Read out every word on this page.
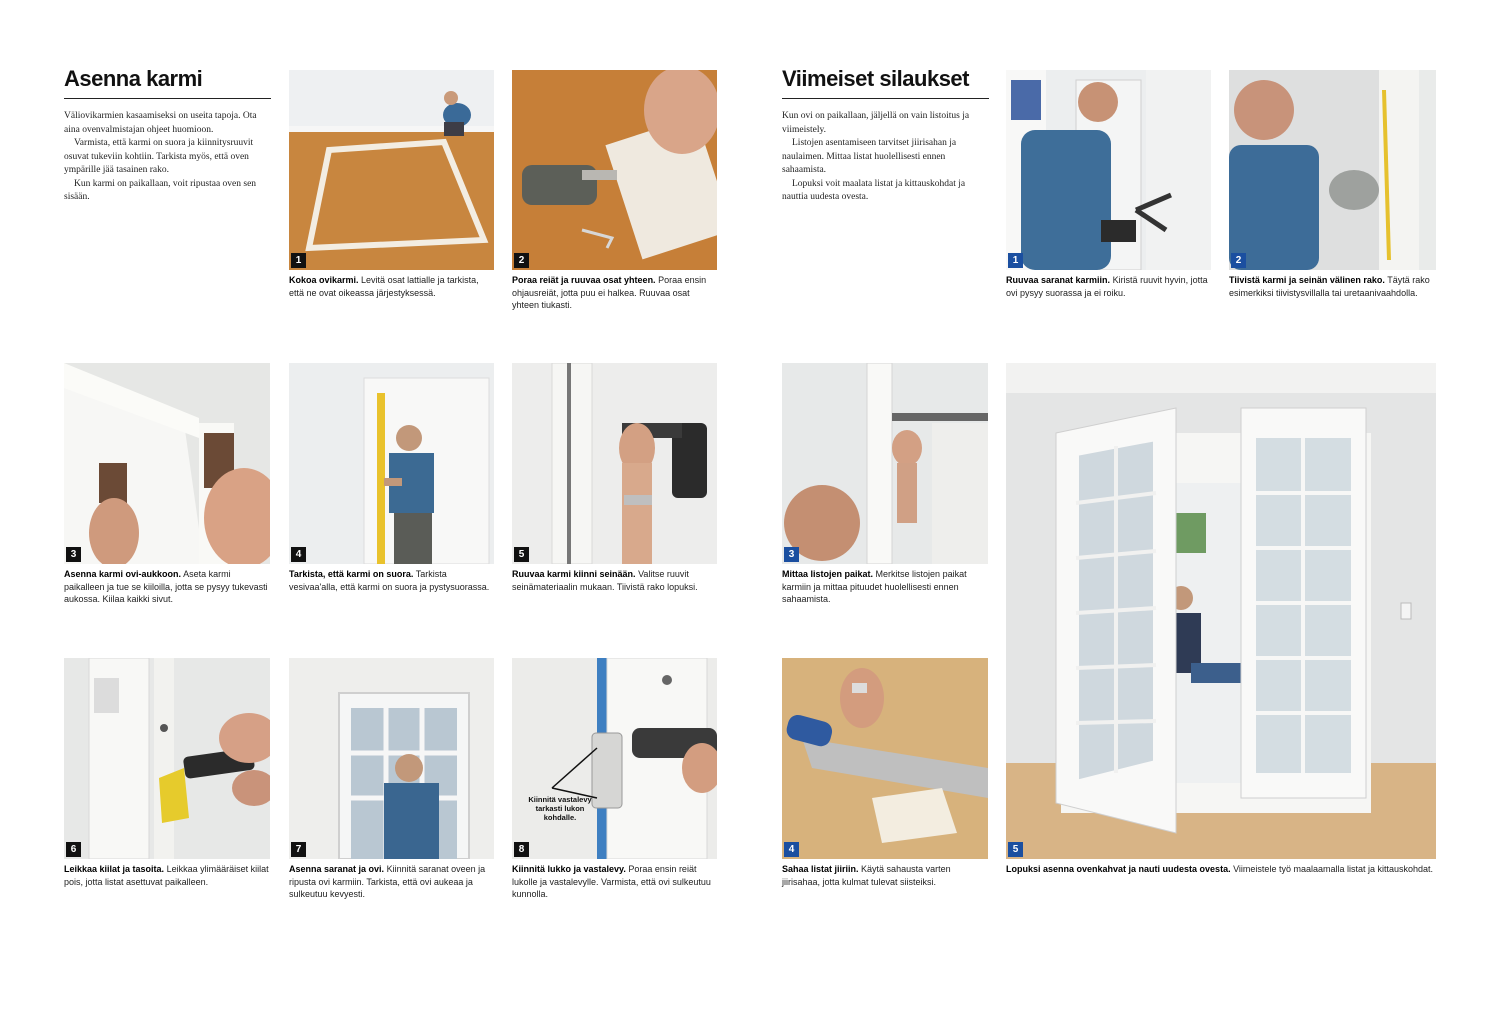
Asenna karmi

Väliovikarmien kasaamiseksi on useita tapoja. Ota aina ovenvalmistajan ohjeet huomioon.

Varmista, että karmi on suora ja kiinnitysruuvit osuvat tukeviin kohtiin. Tarkista myös, että oven ympärille jää tasainen rako.

Kun karmi on paikallaan, voit ripustaa oven sen sisään.

1
Kokoa ovikarmi. Levitä osat lattialle ja tarkista, että ne ovat oikeassa järjestyksessä.
2
Poraa reiät ja ruuvaa osat yhteen. Poraa ensin ohjausreiät, jotta puu ei halkea. Ruuvaa osat yhteen tiukasti.
3
Asenna karmi ovi-aukkoon. Aseta karmi paikalleen ja tue se kiiloilla, jotta se pysyy tukevasti aukossa. Kiilaa kaikki sivut.
4
Tarkista, että karmi on suora. Tarkista vesivaa'alla, että karmi on suora ja pystysuorassa.
5
Ruuvaa karmi kiinni seinään. Valitse ruuvit seinämateriaalin mukaan. Tiivistä rako lopuksi.
6
Leikkaa kiilat ja tasoita. Leikkaa ylimääräiset kiilat pois, jotta listat asettuvat paikalleen.
7
Asenna saranat ja ovi. Kiinnitä saranat oveen ja ripusta ovi karmiin. Tarkista, että ovi aukeaa ja sulkeutuu kevyesti.
8
Kiinnitä vastalevy tarkasti lukon kohdalle.
Kiinnitä lukko ja vastalevy. Poraa ensin reiät lukolle ja vastalevylle. Varmista, että ovi sulkeutuu kunnolla.
Viimeiset silaukset

Kun ovi on paikallaan, jäljellä on vain listoitus ja viimeistely.

Listojen asentamiseen tarvitset jiirisahan ja naulaimen. Mittaa listat huolellisesti ennen sahaamista.

Lopuksi voit maalata listat ja kittauskohdat ja nauttia uudesta ovesta.

1
Ruuvaa saranat karmiin. Kiristä ruuvit hyvin, jotta ovi pysyy suorassa ja ei roiku.
2
Tiivistä karmi ja seinän välinen rako. Täytä rako esimerkiksi tiivistysvillalla tai uretaanivaahdolla.
3
Mittaa listojen paikat. Merkitse listojen paikat karmiin ja mittaa pituudet huolellisesti ennen sahaamista.
4
Sahaa listat jiiriin. Käytä sahausta varten jiirisahaa, jotta kulmat tulevat siisteiksi.
5
Lopuksi asenna ovenkahvat ja nauti uudesta ovesta. Viimeistele työ maalaamalla listat ja kittauskohdat.
